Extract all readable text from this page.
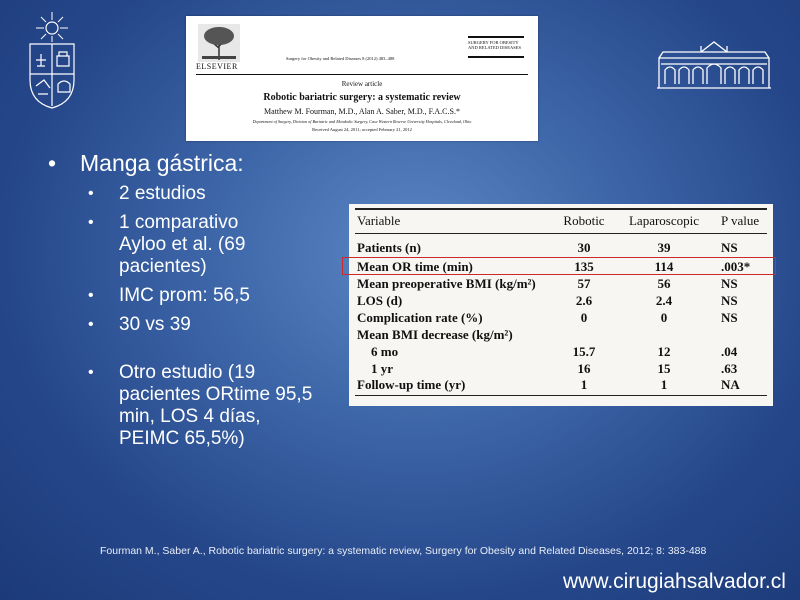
ELSEVIER
Surgery for Obesity and Related Diseases 8 (2012) 483–488
SURGERY FOR OBESITY AND RELATED DISEASES
Review article
Robotic bariatric surgery: a systematic review
Matthew M. Fourman, M.D., Alan A. Saber, M.D., F.A.C.S.*
Department of Surgery, Division of Bariatric and Metabolic Surgery, Case Western Reserve University Hospitals, Cleveland, Ohio
Received August 24, 2011; accepted February 21, 2012
• Manga gástrica:
• 2 estudios
• 1 comparativo Ayloo et al. (69 pacientes)
• IMC prom: 56,5
• 30 vs 39
• Otro estudio (19 pacientes ORtime 95,5 min, LOS 4 días, PEIMC 65,5%)
Variable	Robotic	Laparoscopic	P value
Patients (n)	30	39	NS
Mean OR time (min)	135	114	.003*
Mean preoperative BMI (kg/m²)	57	56	NS
LOS (d)	2.6	2.4	NS
Complication rate (%)	0	0	NS
Mean BMI decrease (kg/m²)
6 mo	15.7	12	.04
1 yr	16	15	.63
Follow-up time (yr)	1	1	NA
Fourman M., Saber A., Robotic bariatric surgery: a systematic review, Surgery for Obesity and Related Diseases, 2012; 8: 383-488
www.cirugiahsalvador.cl
